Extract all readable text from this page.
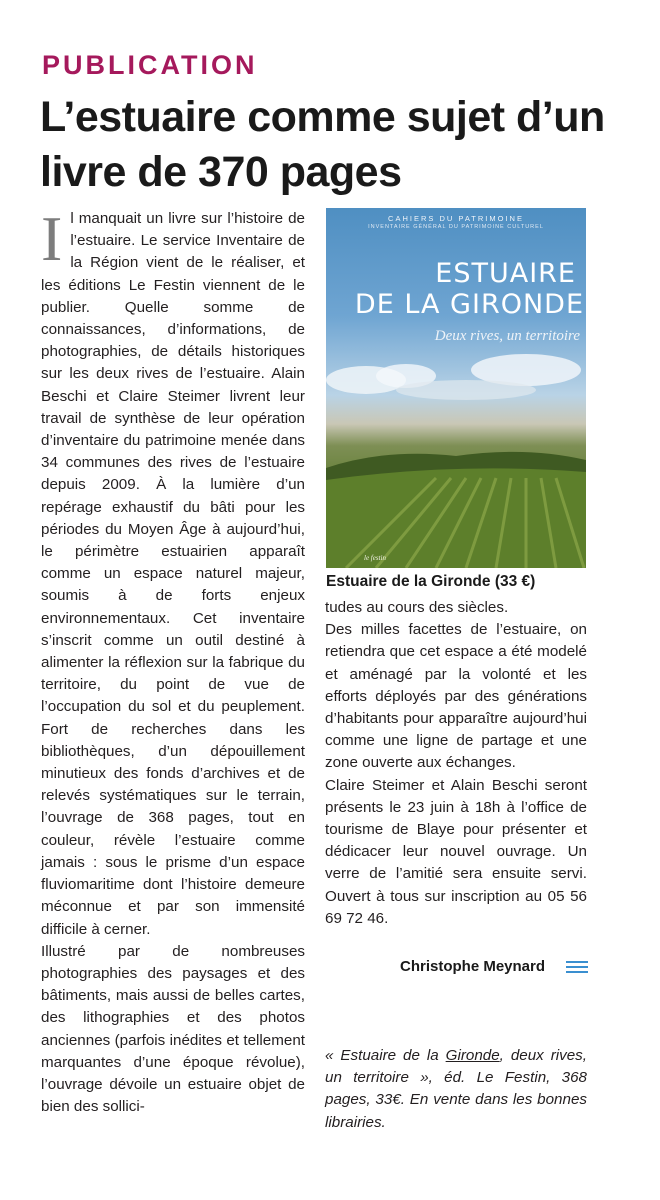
PUBLICATION
L’estuaire comme sujet d’un livre de 370 pages

Il manquait un livre sur l’histoire de l’estuaire. Le service Inventaire de la Région vient de le réaliser, et les éditions Le Festin viennent de le publier. Quelle somme de connaissances, d’informations, de photographies, de détails historiques sur les deux rives de l’estuaire. Alain Beschi et Claire Steimer livrent leur travail de synthèse de leur opération d’inventaire du patrimoine menée dans 34 communes des rives de l’estuaire depuis 2009. À la lumière d’un repérage exhaustif du bâti pour les périodes du Moyen Âge à aujourd’hui, le périmètre estuairien apparaît comme un espace naturel majeur, soumis à de forts enjeux environnementaux. Cet inventaire s’inscrit comme un outil destiné à alimenter la réflexion sur la fabrique du territoire, du point de vue de l’occupation du sol et du peuplement. Fort de recherches dans les bibliothèques, d’un dépouillement minutieux des fonds d’archives et de relevés systématiques sur le terrain, l’ouvrage de 368 pages, tout en couleur, révèle l’estuaire comme jamais : sous le prisme d’un espace fluviomaritime dont l’histoire demeure méconnue et par son immensité difficile à cerner.

Illustré par de nombreuses photographies des paysages et des bâtiments, mais aussi de belles cartes, des lithographies et des photos anciennes (parfois inédites et tellement marquantes d’une époque révolue), l’ouvrage dévoile un estuaire objet de bien des sollici-

CAHIERS DU PATRIMOINE
INVENTAIRE GÉNÉRAL DU PATRIMOINE CULTUREL
ESTUAIRE
DE LA GIRONDE
Deux rives, un territoire
le festin
Estuaire de la Gironde (33 €)

tudes au cours des siècles.

Des milles facettes de l’estuaire, on retiendra que cet espace a été modelé et aménagé par la volonté et les efforts déployés par des générations d’habitants pour apparaître aujourd’hui comme une ligne de partage et une zone ouverte aux échanges.

Claire Steimer et Alain Beschi seront présents le 23 juin à 18h à l’office de tourisme de Blaye pour présenter et dédicacer leur nouvel ouvrage. Un verre de l’amitié sera ensuite servi. Ouvert à tous sur inscription au 05 56 69 72 46.

Christophe Meynard

« Estuaire de la Gironde, deux rives, un territoire », éd. Le Festin, 368 pages, 33€. En vente dans les bonnes librairies.
